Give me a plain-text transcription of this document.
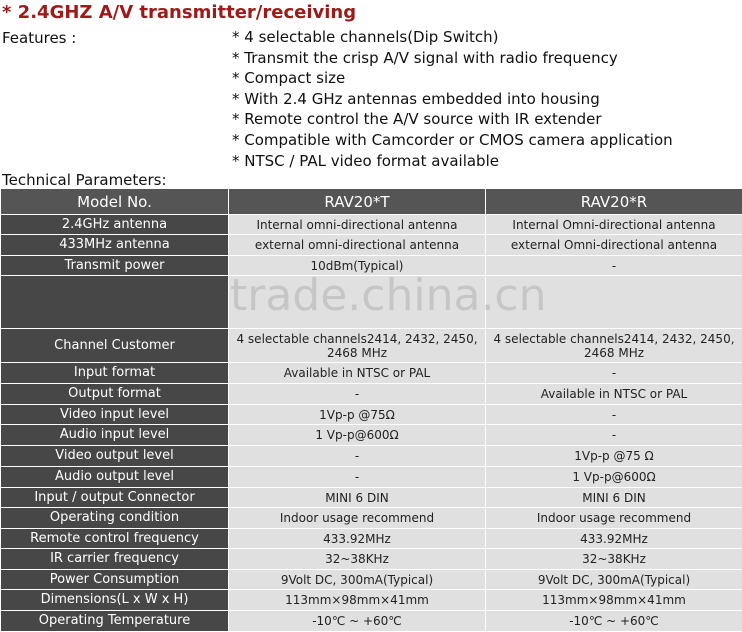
* 2.4GHZ A/V transmitter/receiving
Features :	* 4 selectable channels(Dip Switch)
* Transmit the crisp A/V signal with radio frequency
* Compact size
* With 2.4 GHz antennas embedded into housing
* Remote control the A/V source with IR extender
* Compatible with Camcorder or CMOS camera application
* NTSC / PAL video format available
Technical Parameters:
Model No.	RAV20*T	RAV20*R
2.4GHz antenna	Internal omni-directional antenna	Internal Omni-directional antenna
433MHz antenna	external omni-directional antenna	external Omni-directional antenna
Transmit power	10dBm(Typical)	-

Channel Customer	4 selectable channels2414, 2432, 2450, 2468 MHz	4 selectable channels2414, 2432, 2450, 2468 MHz
Input format	Available in NTSC or PAL	-
Output format	-	Available in NTSC or PAL
Video input level	1Vp-p @75Ω	-
Audio input level	1 Vp-p@600Ω	-
Video output level	-	1Vp-p @75 Ω
Audio output level	-	1 Vp-p@600Ω
Input / output Connector	MINI 6 DIN	MINI 6 DIN
Operating condition	Indoor usage recommend	Indoor usage recommend
Remote control frequency	433.92MHz	433.92MHz
IR carrier frequency	32~38KHz	32~38KHz
Power Consumption	9Volt DC, 300mA(Typical)	9Volt DC, 300mA(Typical)
Dimensions(L x W x H)	113mm×98mm×41mm	113mm×98mm×41mm
Operating Temperature	-10℃ ~ +60℃	-10℃ ~ +60℃
trade.china.cn
